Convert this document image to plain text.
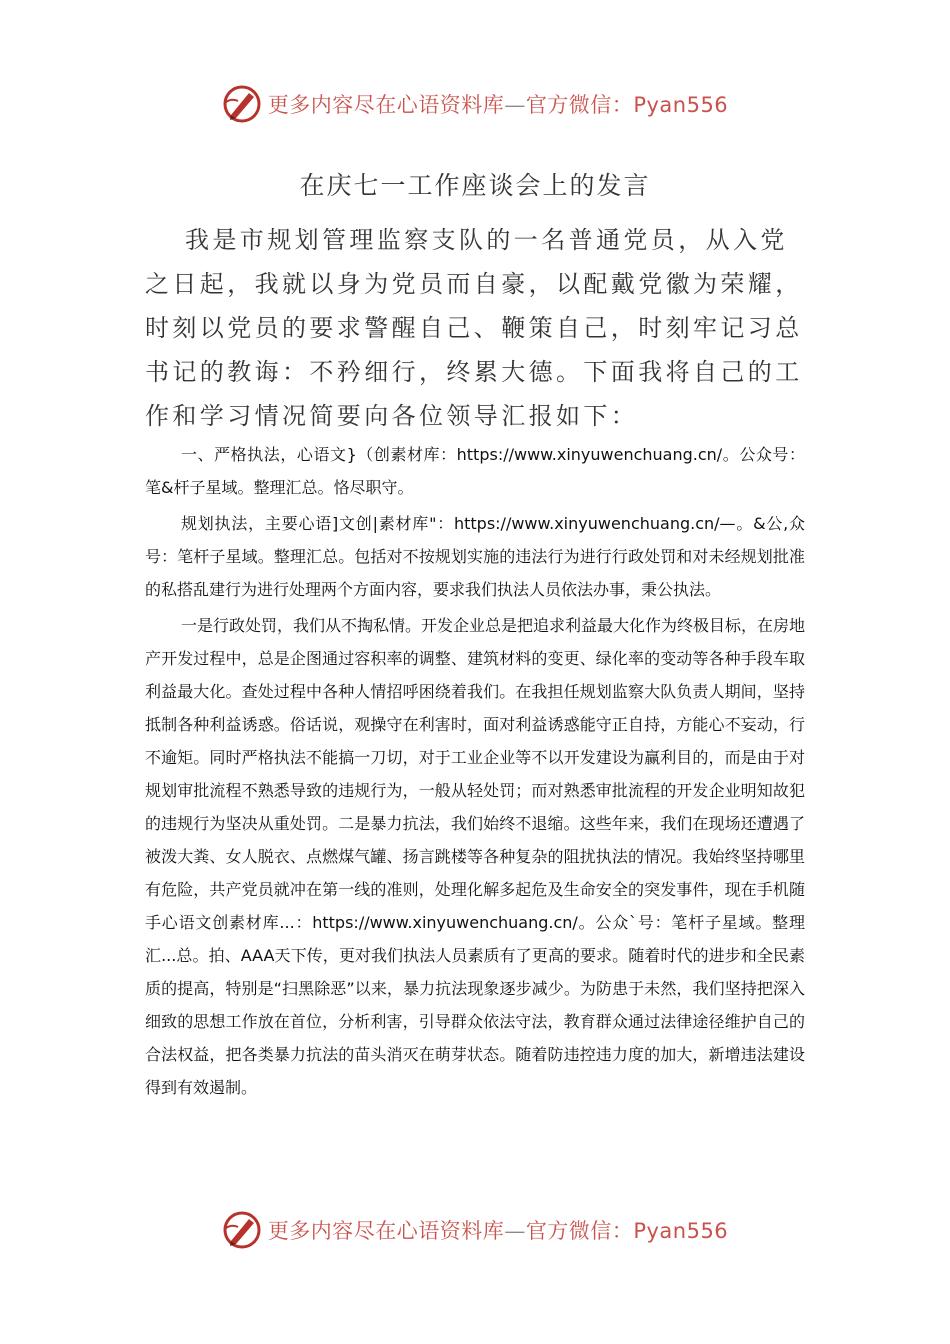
更多内容尽在心语资料库—官方微信：Pyan556
在庆七一工作座谈会上的发言

我是市规划管理监察支队的一名普通党员，从入党之日起，我就以身为党员而自豪，以配戴党徽为荣耀，时刻以党员的要求警醒自己、鞭策自己，时刻牢记习总书记的教诲：不矜细行，终累大德。下面我将自己的工作和学习情况简要向各位领导汇报如下：

一、严格执法，心语文}（创素材库：https://www.xinyuwenchuang.cn/。公众号：笔&杆子星域。整理汇总。恪尽职守。

规划执法，主要心语]文创|素材库"：https://www.xinyuwenchuang.cn/—。&公,众号：笔杆子星域。整理汇总。包括对不按规划实施的违法行为进行行政处罚和对未经规划批准的私搭乱建行为进行处理两个方面内容，要求我们执法人员依法办事，秉公执法。

一是行政处罚，我们从不掏私情。开发企业总是把追求利益最大化作为终极目标，在房地产开发过程中，总是企图通过容积率的调整、建筑材料的变更、绿化率的变动等各种手段车取利益最大化。查处过程中各种人情招呼困绕着我们。在我担任规划监察大队负责人期间，坚持抵制各种利益诱惑。俗话说，观操守在利害时，面对利益诱惑能守正自持，方能心不妄动，行不逾矩。同时严格执法不能搞一刀切，对于工业企业等不以开发建设为赢利目的，而是由于对规划审批流程不熟悉导致的违规行为，一般从轻处罚；而对熟悉审批流程的开发企业明知故犯的违规行为坚决从重处罚。二是暴力抗法，我们始终不退缩。这些年来，我们在现场还遭遇了被泼大粪、女人脱衣、点燃煤气罐、扬言跳楼等各种复杂的阻扰执法的情况。我始终坚持哪里有危险，共产党员就冲在第一线的准则，处理化解多起危及生命安全的突发事件，现在手机随手心语文创素材库...：https://www.xinyuwenchuang.cn/。公众`号：笔杆子星域。整理汇...总。拍、AAA天下传，更对我们执法人员素质有了更高的要求。随着时代的进步和全民素质的提高，特别是“扫黑除恶”以来，暴力抗法现象逐步减少。为防患于未然，我们坚持把深入细致的思想工作放在首位，分析利害，引导群众依法守法，教育群众通过法律途径维护自己的合法权益，把各类暴力抗法的苗头消灭在萌芽状态。随着防违控违力度的加大，新增违法建设得到有效遏制。

更多内容尽在心语资料库—官方微信：Pyan556
